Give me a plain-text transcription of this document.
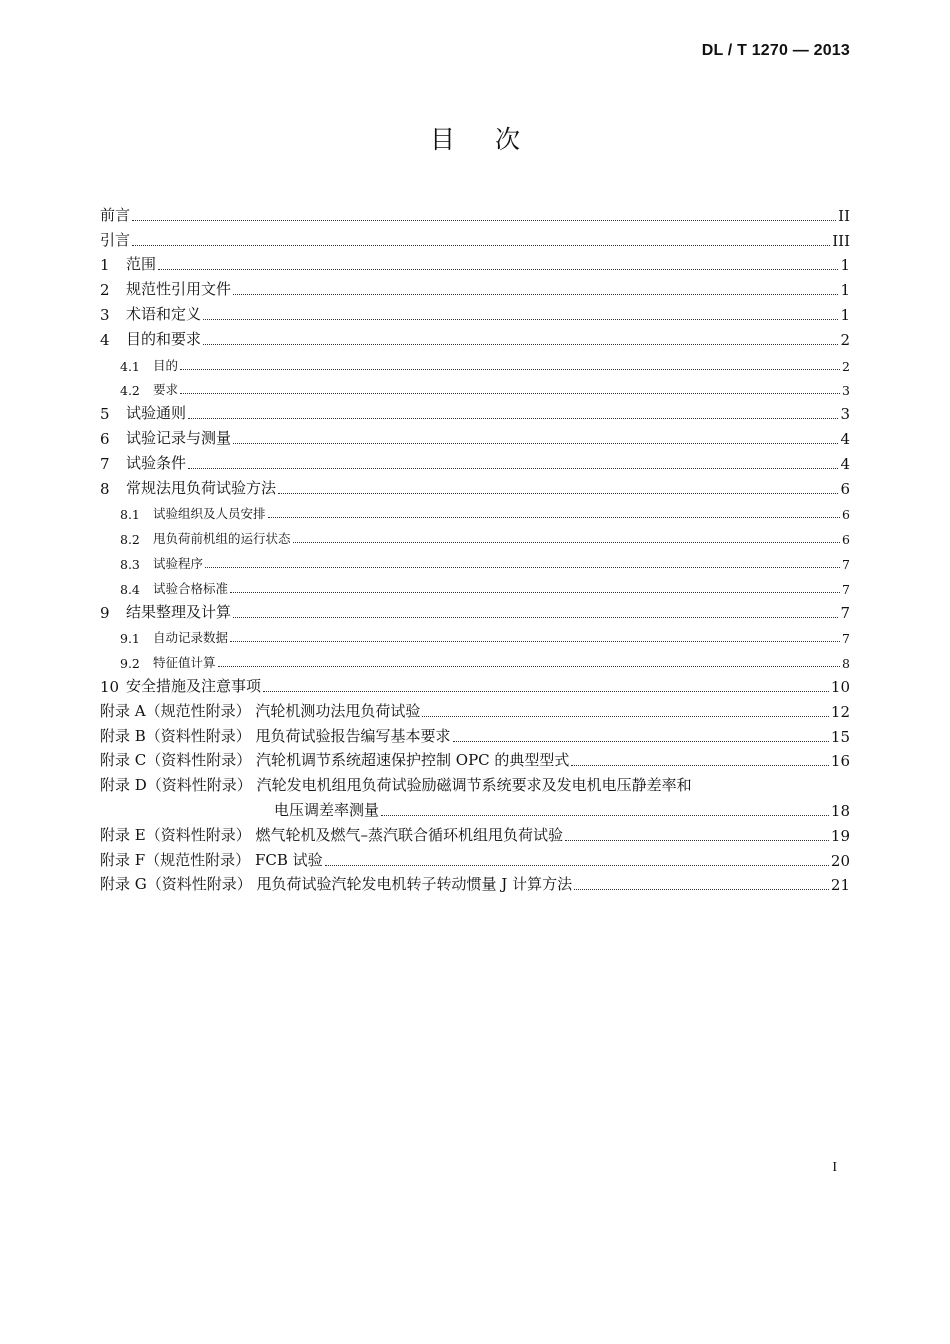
DL / T 1270 — 2013
目次
前言	II
引言	III
1	范围	1
2	规范性引用文件	1
3	术语和定义	1
4	目的和要求	2
4.1	目的	2
4.2	要求	3
5	试验通则	3
6	试验记录与测量	4
7	试验条件	4
8	常规法甩负荷试验方法	6
8.1	试验组织及人员安排	6
8.2	甩负荷前机组的运行状态	6
8.3	试验程序	7
8.4	试验合格标准	7
9	结果整理及计算	7
9.1	自动记录数据	7
9.2	特征值计算	8
10 安全措施及注意事项	10
附录 A（规范性附录） 汽轮机测功法甩负荷试验	12
附录 B（资料性附录） 甩负荷试验报告编写基本要求	15
附录 C（资料性附录） 汽轮机调节系统超速保护控制 OPC 的典型型式	16
附录 D（资料性附录） 汽轮发电机组甩负荷试验励磁调节系统要求及发电机电压静差率和
电压调差率测量	18
附录 E（资料性附录） 燃气轮机及燃气–蒸汽联合循环机组甩负荷试验	19
附录 F（规范性附录） FCB 试验	20
附录 G（资料性附录） 甩负荷试验汽轮发电机转子转动惯量 J 计算方法	21
I
